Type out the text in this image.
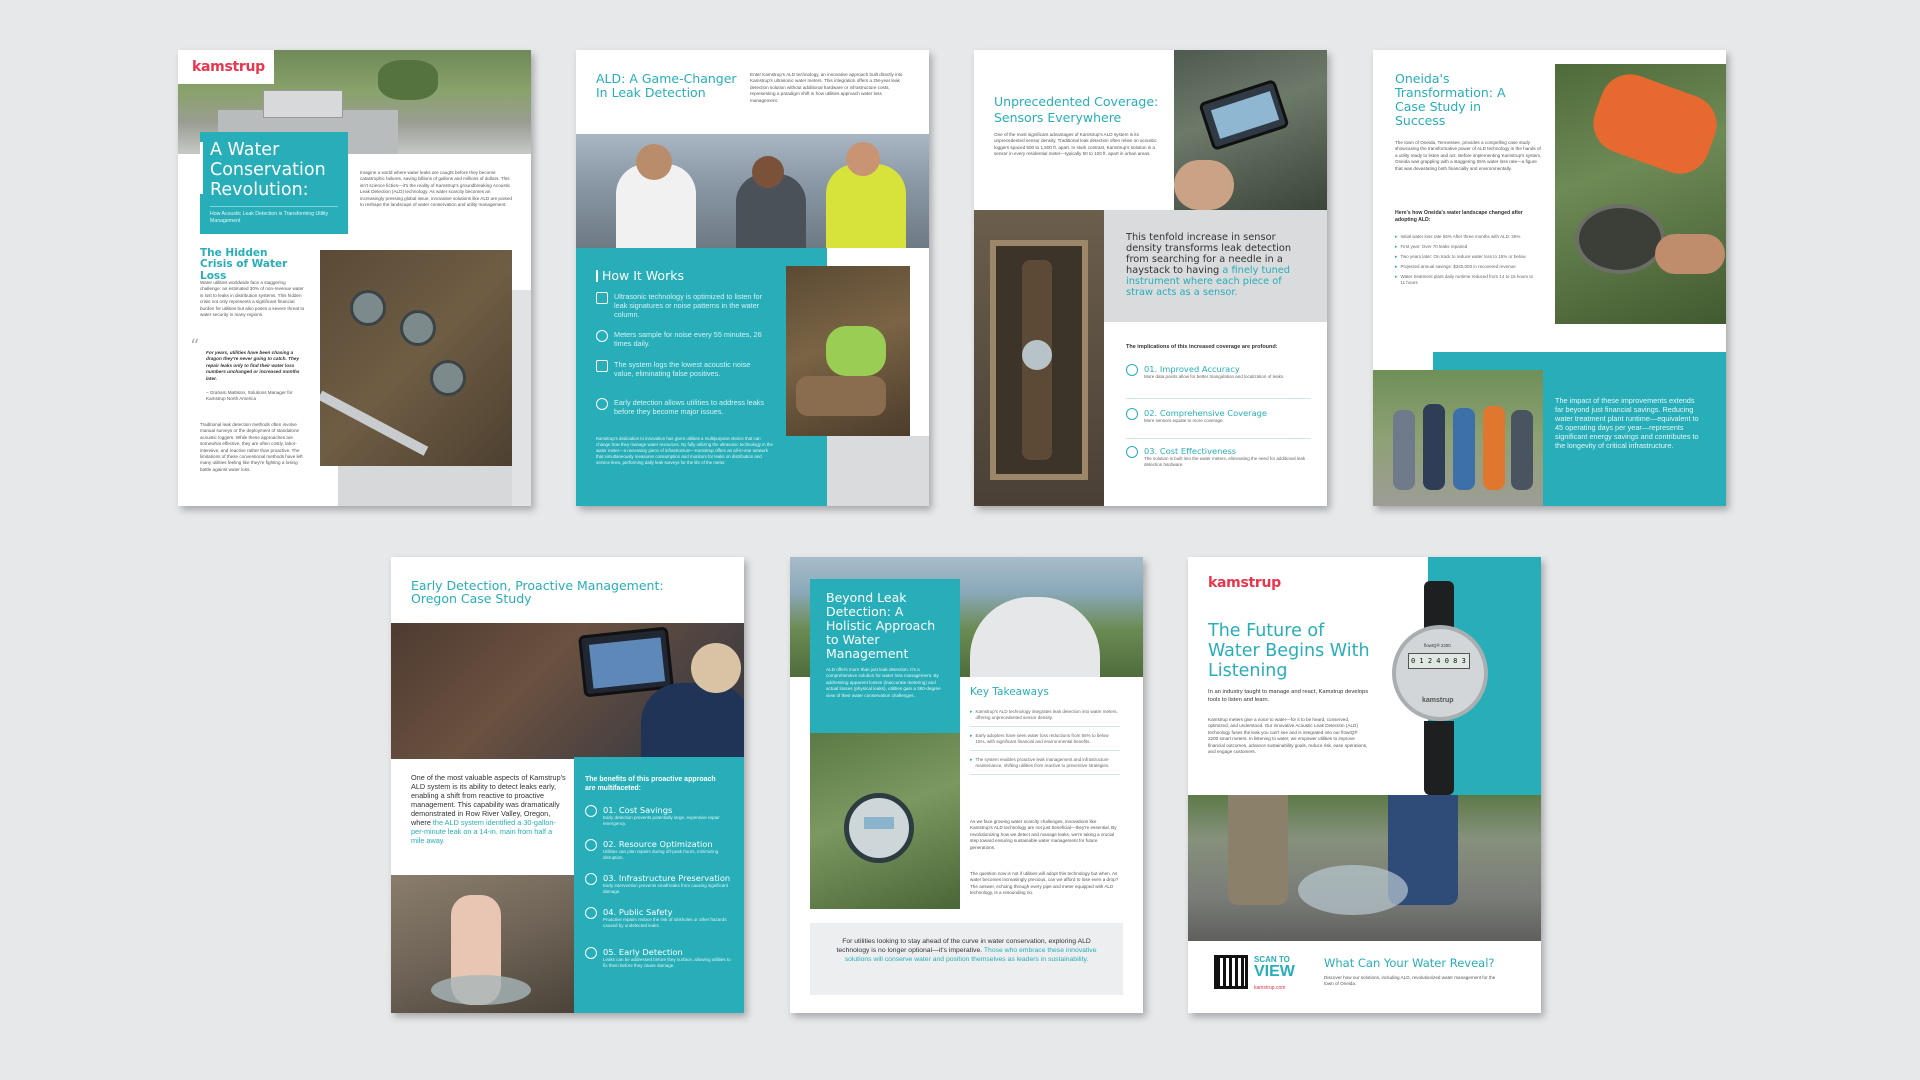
kamstrup
A Water Conservation Revolution:
How Acoustic Leak Detection is Transforming Utility Management
Imagine a world where water leaks are caught before they become catastrophic failures, saving billions of gallons and millions of dollars. This isn't science fiction—it's the reality of Kamstrup's groundbreaking Acoustic Leak Detection (ALD) technology. As water scarcity becomes an increasingly pressing global issue, innovative solutions like ALD are poised to reshape the landscape of water conservation and utility management.
The Hidden Crisis of Water Loss
Water utilities worldwide face a staggering challenge: an estimated 30% of non-revenue water is lost to leaks in distribution systems. This hidden crisis not only represents a significant financial burden for utilities but also poses a severe threat to water security in many regions.
“ For years, utilities have been chasing a dragon they're never going to catch. They repair leaks only to find their water loss numbers unchanged or increased months later.
– Graham Mattison, Solutions Manager for Kamstrup North America
Traditional leak detection methods often involve manual surveys or the deployment of standalone acoustic loggers. While these approaches are somewhat effective, they are often costly, labor-intensive, and reactive rather than proactive. The limitations of these conventional methods have left many utilities feeling like they're fighting a losing battle against water loss.
ALD: A Game-Changer In Leak Detection
Enter Kamstrup's ALD technology, an innovative approach built directly into Kamstrup's ultrasonic water meters. This integration offers a 2M-year leak detection solution without additional hardware or infrastructure costs, representing a paradigm shift in how utilities approach water loss management.
How It Works
Ultrasonic technology is optimized to listen for leak signatures or noise patterns in the water column.
Meters sample for noise every 55 minutes, 26 times daily.
The system logs the lowest acoustic noise value, eliminating false positives.
Early detection allows utilities to address leaks before they become major issues.
Kamstrup's dedication to innovation has given utilities a multipurpose device that can change how they manage water resources. By fully utilizing the ultrasonic technology in the water meter—a necessary piece of infrastructure—Kamstrup offers an all-in-one network that simultaneously measures consumption and monitors for leaks on distribution and service lines, performing daily leak surveys for the life of the meter.
Unprecedented Coverage: Sensors Everywhere
One of the most significant advantages of Kamstrup's ALD system is its unprecedented sensor density. Traditional leak detection often relies on acoustic loggers spaced 500 to 1,500 ft. apart. In stark contrast, Kamstrup's solution is a sensor in every residential meter—typically 50 to 100 ft. apart in urban areas.
This tenfold increase in sensor density transforms leak detection from searching for a needle in a haystack to having a finely tuned instrument where each piece of straw acts as a sensor.
The implications of this increased coverage are profound:
01. Improved Accuracy
More data points allow for better triangulation and localization of leaks.
02. Comprehensive Coverage
More sensors equate to more coverage.
03. Cost Effectiveness
The solution is built into the water meters, eliminating the need for additional leak detection hardware.
Oneida's Transformation: A Case Study in Success
The town of Oneida, Tennessee, provides a compelling case study showcasing the transformative power of ALD technology in the hands of a utility ready to listen and act. Before implementing Kamstrup's system, Oneida was grappling with a staggering 55% water loss rate—a figure that was devastating both financially and environmentally.
Here's how Oneida's water landscape changed after adopting ALD:
▸ Initial water loss rate 55% After three months with ALD: 26%
▸ First year: Over 70 leaks repaired
▸ Two years later: On track to reduce water loss to 15% or below
▸ Projected annual savings: $340,000 in recovered revenue
▸ Water treatment plant daily runtime reduced from 14 to 15 hours to 11 hours
The impact of these improvements extends far beyond just financial savings. Reducing water treatment plant runtime—equivalent to 45 operating days per year—represents significant energy savings and contributes to the longevity of critical infrastructure.
Early Detection, Proactive Management: Oregon Case Study
One of the most valuable aspects of Kamstrup's ALD system is its ability to detect leaks early, enabling a shift from reactive to proactive management. This capability was dramatically demonstrated in Row River Valley, Oregon, where the ALD system identified a 30-gallon-per-minute leak on a 14-in. main from half a mile away.
The benefits of this proactive approach are multifaceted:
01. Cost Savings
Early detection prevents potentially large, expensive repair emergency.
02. Resource Optimization
Utilities can plan repairs during off-peak hours, minimizing disruption.
03. Infrastructure Preservation
Early intervention prevents small leaks from causing significant damage.
04. Public Safety
Proactive repairs reduce the risk of sinkholes or other hazards caused by undetected leaks.
05. Early Detection
Leaks can be addressed before they surface, allowing utilities to fix them before they cause damage.
Beyond Leak Detection: A Holistic Approach to Water Management
ALD offers more than just leak detection. It's a comprehensive solution for water loss management. By addressing apparent losses (inaccurate metering) and actual losses (physical leaks), utilities gain a 360-degree view of their water conservation challenges.	Key Takeaways
▸ Kamstrup's ALD technology integrates leak detection into water meters, offering unprecedented sensor density.
▸ Early adopters have seen water loss reductions from 55% to below 15%, with significant financial and environmental benefits.
▸ The system enables proactive leak management and infrastructure maintenance, shifting utilities from reactive to preventive strategies.
As we face growing water scarcity challenges, innovations like Kamstrup's ALD technology are not just beneficial—they're essential. By revolutionizing how we detect and manage leaks, we're taking a crucial step toward ensuring sustainable water management for future generations.
The question now is not if utilities will adopt this technology but when. As water becomes increasingly precious, can we afford to lose even a drop? The answer, echoing through every pipe and meter equipped with ALD technology, is a resounding no.
For utilities looking to stay ahead of the curve in water conservation, exploring ALD technology is no longer optional—it's imperative. Those who embrace these innovative solutions will conserve water and position themselves as leaders in sustainability.
kamstrup
The Future of Water Begins With Listening
In an industry taught to manage and react, Kamstrup develops tools to listen and learn.
Kamstrup meters give a voice to water—for it to be heard, conserved, optimized, and understood. Our innovative Acoustic Leak Detection (ALD) technology fuses the leak you can't see and is integrated into our flowIQ® 2200 smart meters. In listening to water, we empower utilities to improve financial outcomes, advance sustainability goals, reduce risk, ease operations, and engage customers.
flowIQ® 2200
0 1 2 4 0 8 3
kamstrup
SCAN TO
VIEW
kamstrup.com
What Can Your Water Reveal?
Discover how our solutions, including ALD, revolutionized water management for the town of Oneida.
